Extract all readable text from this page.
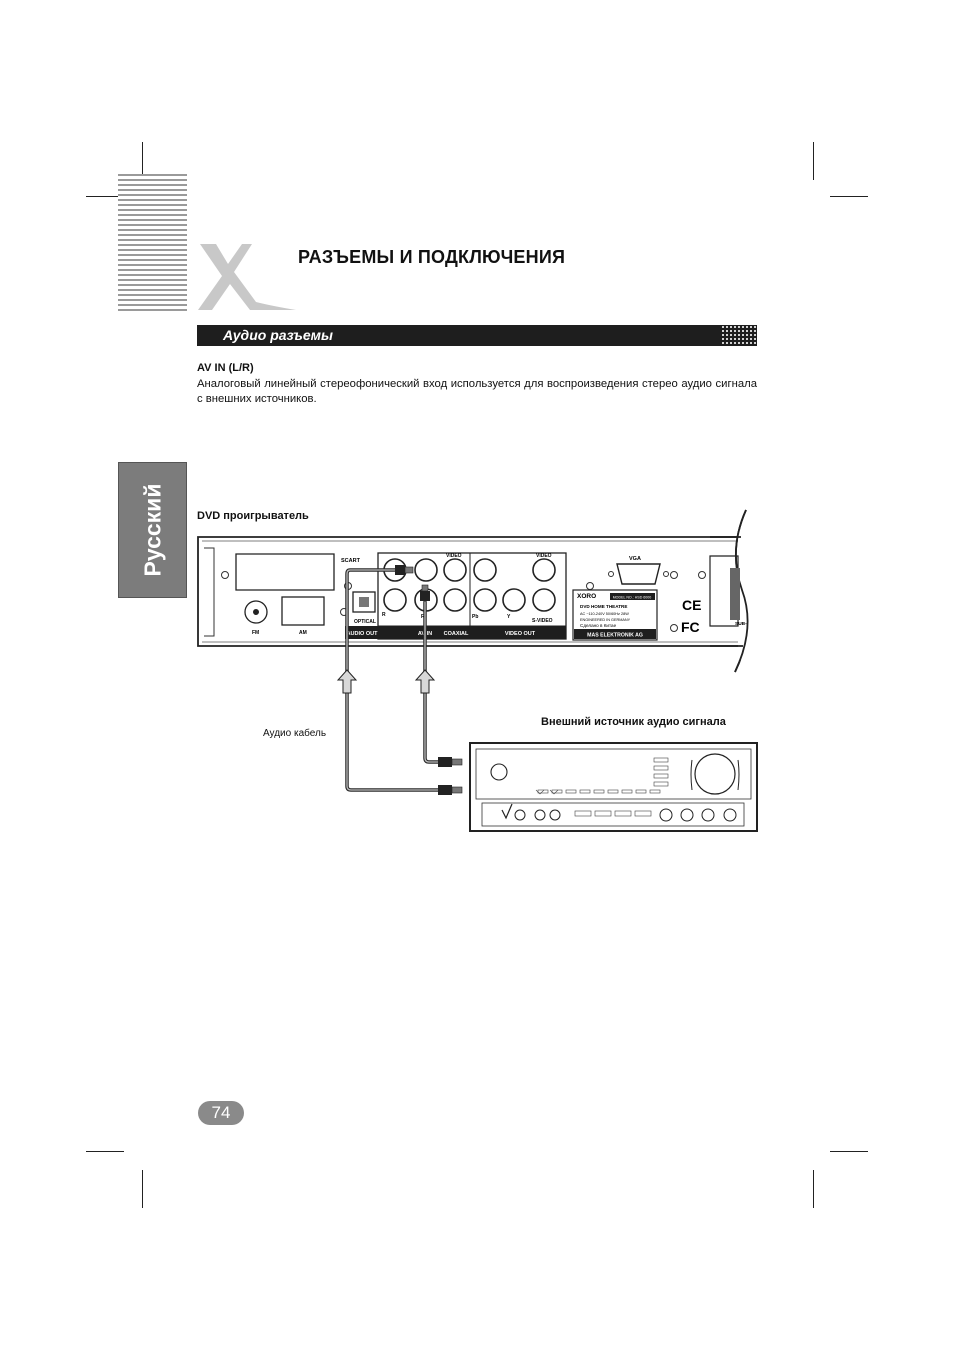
РАЗЪЕМЫ И ПОДКЛЮЧЕНИЯ
Аудио разъемы
AV IN (L/R)
Аналоговый линейный стереофонический вход используется для воспроизведения стерео аудио сигнала с внешних источников.
Русский	DVD проигрыватель
Внешний источник аудио сигнала
Аудио кабель
SCART
FM	AM
VIDEO	VIDEO
OPTICAL
R	R	Pb	Y
S-VIDEO
AUDIO OUT	AV IN COAXIAL	VIDEO OUT
VGA
XORO	MODEL NO.: HSD 6000
DVD HOME THEATRE
AC ~110-240V 50/60Hz 28W
ENGINEERED IN GERMANY
Сделано в Китае
MAS ELEKTRONIK AG
CE
FC	SUB-
74
